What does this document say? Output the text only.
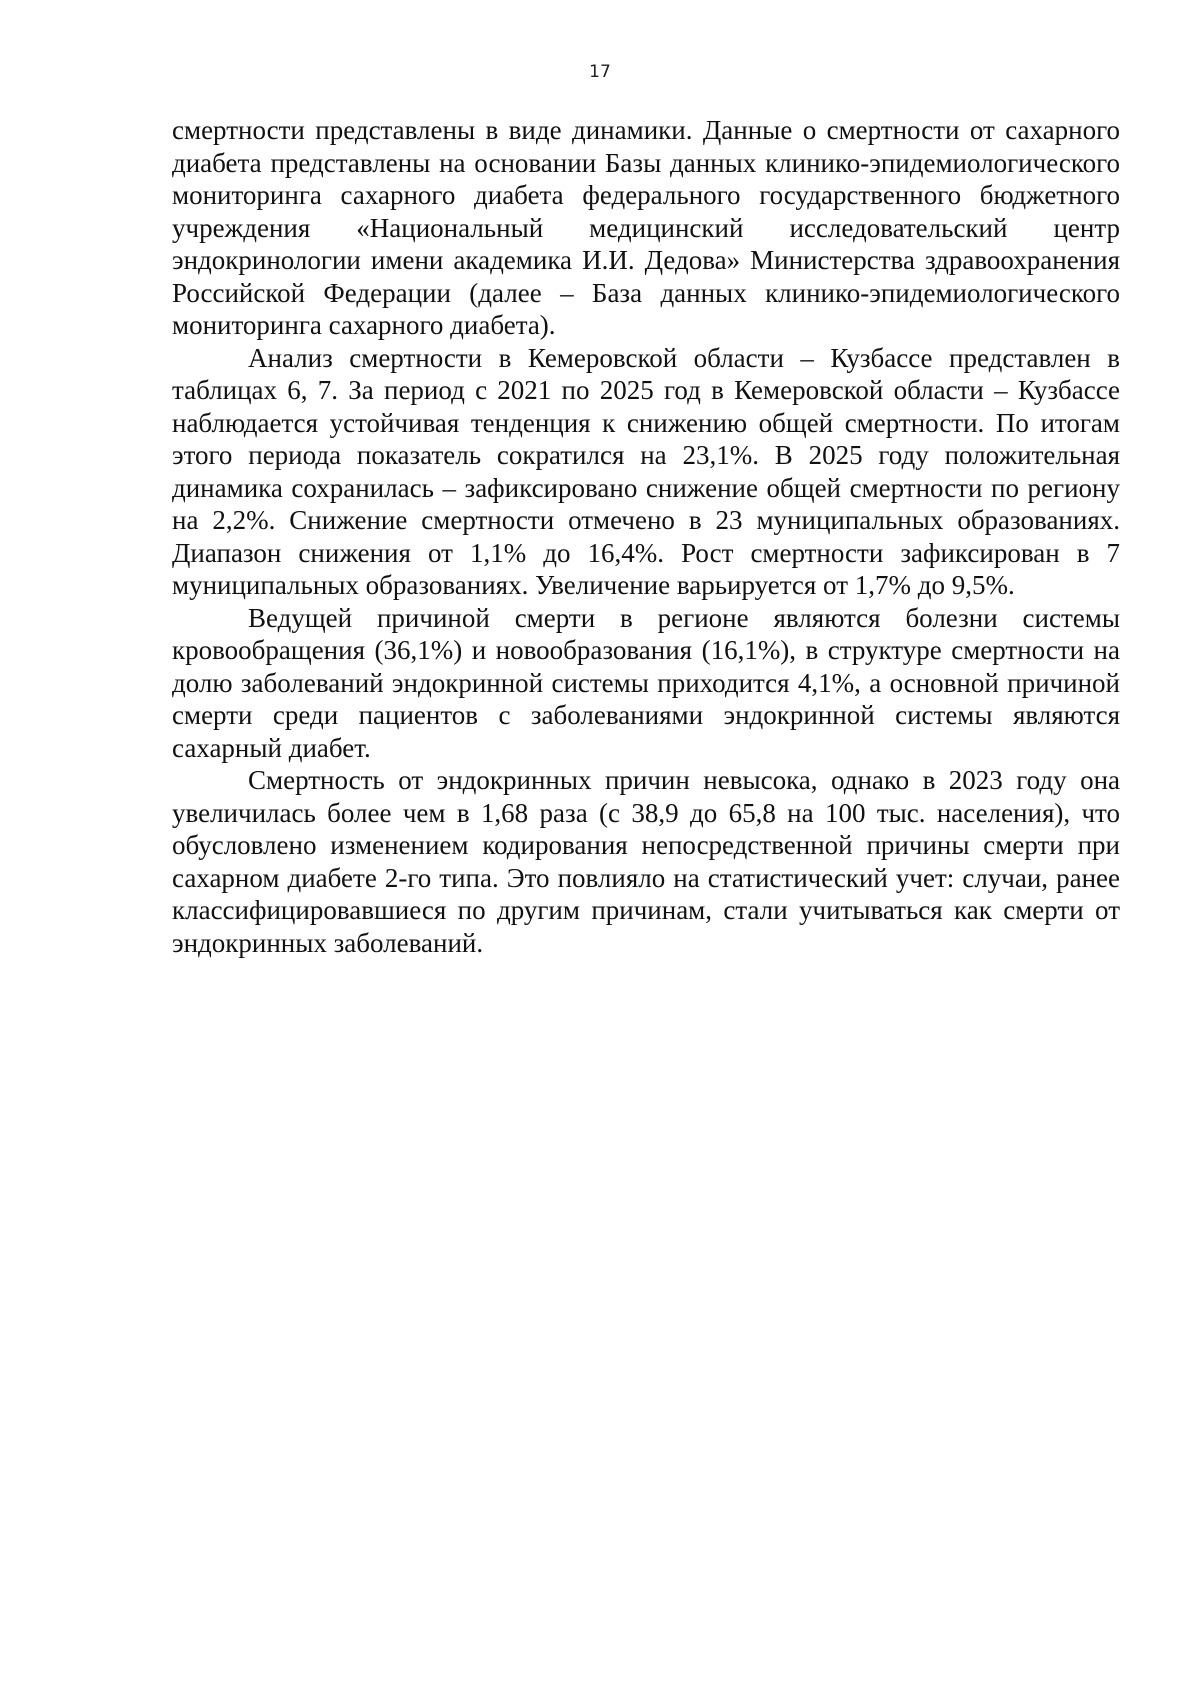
17

смертности представлены в виде динамики. Данные о смертности от сахарного диабета представлены на основании Базы данных клинико-эпидемиологического мониторинга сахарного диабета федерального государственного бюджетного учреждения «Национальный медицинский исследовательский центр эндокринологии имени академика И.И. Дедова» Министерства здравоохранения Российской Федерации (далее – База данных клинико-эпидемиологического мониторинга сахарного диабета).

Анализ смертности в Кемеровской области – Кузбассе представлен в таблицах 6, 7. За период с 2021 по 2025 год в Кемеровской области – Кузбассе наблюдается устойчивая тенденция к снижению общей смертности. По итогам этого периода показатель сократился на 23,1%. В 2025 году положительная динамика сохранилась – зафиксировано снижение общей смертности по региону на 2,2%. Снижение смертности отмечено в 23 муниципальных образованиях. Диапазон снижения от 1,1% до 16,4%. Рост смертности зафиксирован в 7 муниципальных образованиях. Увеличение варьируется от 1,7% до 9,5%.

Ведущей причиной смерти в регионе являются болезни системы кровообращения (36,1%) и новообразования (16,1%), в структуре смертности на долю заболеваний эндокринной системы приходится 4,1%, а основной причиной смерти среди пациентов с заболеваниями эндокринной системы являются сахарный диабет.

Смертность от эндокринных причин невысока, однако в 2023 году она увеличилась более чем в 1,68 раза (с 38,9 до 65,8 на 100 тыс. населения), что обусловлено изменением кодирования непосредственной причины смерти при сахарном диабете 2-го типа. Это повлияло на статистический учет: случаи, ранее классифицировавшиеся по другим причинам, стали учитываться как смерти от эндокринных заболеваний.
